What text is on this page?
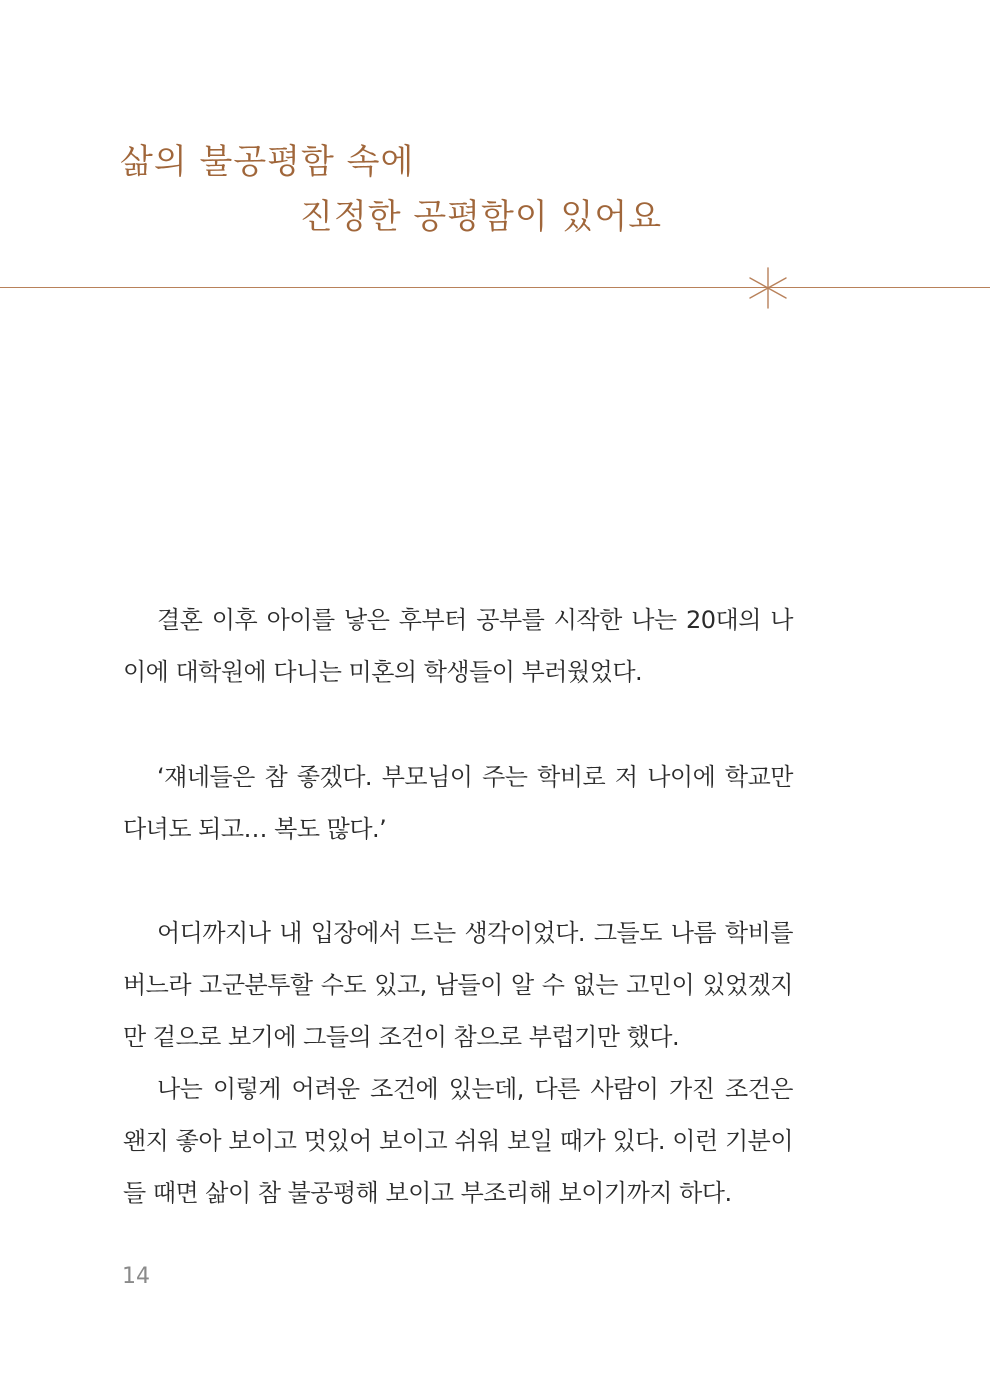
삶의 불공평함 속에
진정한 공평함이 있어요

결혼 이후 아이를 낳은 후부터 공부를 시작한 나는 20대의 나이에 대학원에 다니는 미혼의 학생들이 부러웠었다.

‘쟤네들은 참 좋겠다. 부모님이 주는 학비로 저 나이에 학교만 다녀도 되고… 복도 많다.’

어디까지나 내 입장에서 드는 생각이었다. 그들도 나름 학비를 버느라 고군분투할 수도 있고, 남들이 알 수 없는 고민이 있었겠지만 겉으로 보기에 그들의 조건이 참으로 부럽기만 했다.

나는 이렇게 어려운 조건에 있는데, 다른 사람이 가진 조건은 왠지 좋아 보이고 멋있어 보이고 쉬워 보일 때가 있다. 이런 기분이 들 때면 삶이 참 불공평해 보이고 부조리해 보이기까지 하다.

14
